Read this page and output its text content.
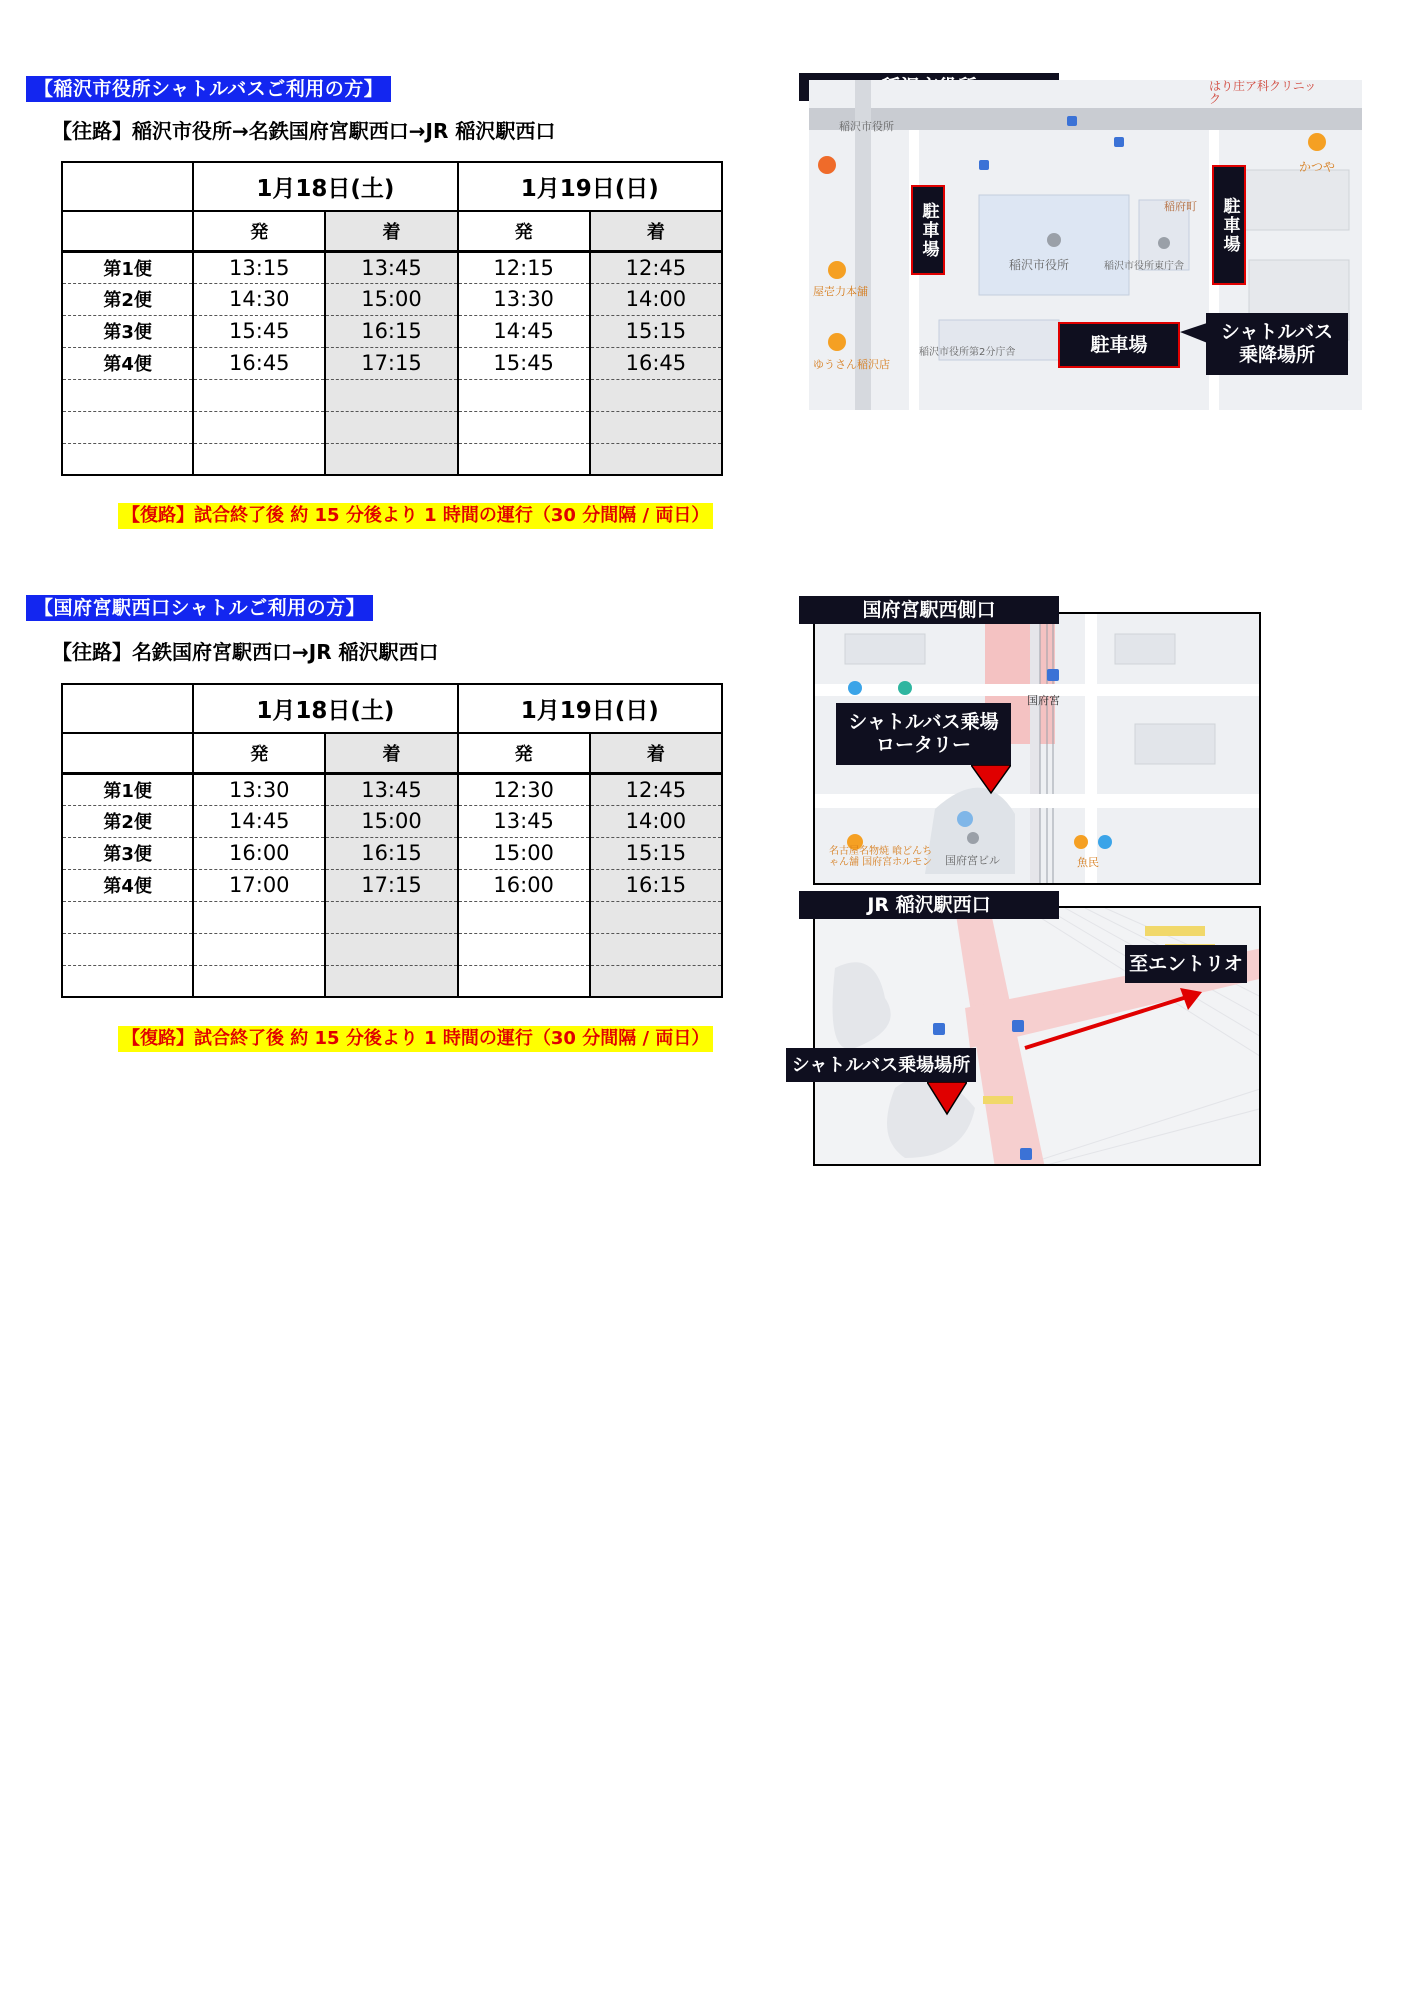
【稲沢市役所シャトルバスご利用の方】
【往路】稲沢市役所→名鉄国府宮駅西口→JR 稲沢駅西口
	1月18日(土)		1月19日(日)	
	発	着	発	着
第1便	13:15	13:45	12:15	12:45
第2便	14:30	15:00	13:30	14:00
第3便	15:45	16:15	14:45	15:15
第4便	16:45	17:15	15:45	16:45

【復路】試合終了後 約 15 分後より 1 時間の運行（30 分間隔 / 両日）
稲沢市役所
稲沢市役所	稲沢市役所東庁舎
稲沢市役所第2分庁舎
稲府町
はり庄ア科クリニック
かつや
屋壱力本舗
ゆうさん稲沢店
駐車場	駐車場
駐車場
シャトルバス乗降場所
【国府宮駅西口シャトルご利用の方】
【往路】名鉄国府宮駅西口→JR 稲沢駅西口
	1月18日(土)		1月19日(日)	
	発	着	発	着
第1便	13:30	13:45	12:30	12:45
第2便	14:45	15:00	13:45	14:00
第3便	16:00	16:15	15:00	15:15
第4便	17:00	17:15	16:00	16:15

【復路】試合終了後 約 15 分後より 1 時間の運行（30 分間隔 / 両日）
国府宮駅西側口
国府宮
国府宮ビル
名古屋名物焼 喰どんちゃん舗 国府宮ホルモン	魚民
シャトルバス乗場ロータリー
JR 稲沢駅西口
至エントリオ
シャトルバス乗場場所
